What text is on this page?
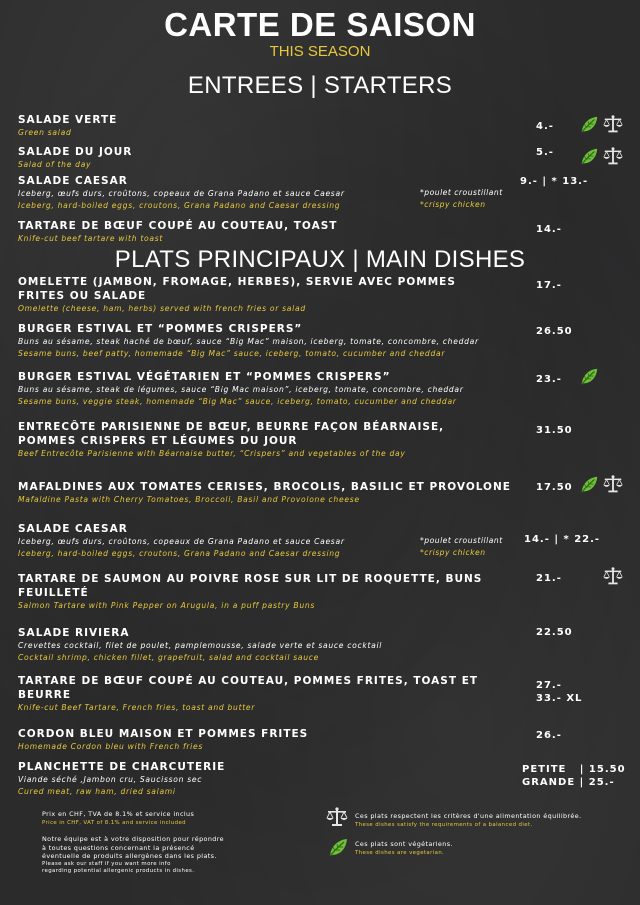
CARTE DE SAISON
THIS SEASON
ENTREES | STARTERS
SALADE VERTE
Green salad
4.-
SALADE DU JOUR
Salad of the day
5.-
SALADE CAESAR
Iceberg, œufs durs, croûtons, copeaux de Grana Padano et sauce Caesar
Iceberg, hard-boiled eggs, croutons, Grana Padano and Caesar dressing
*poulet croustillant
*crispy chicken
9.- | * 13.-
TARTARE DE BŒUF COUPÉ AU COUTEAU, TOAST
Knife-cut beef tartare with toast
14.-
PLATS PRINCIPAUX | MAIN DISHES
OMELETTE (JAMBON, FROMAGE, HERBES), SERVIE AVEC POMMES
FRITES OU SALADE
Omelette (cheese, ham, herbs) served with french fries or salad
17.-
BURGER ESTIVAL ET “POMMES CRISPERS”
Buns au sésame, steak haché de bœuf, sauce “Big Mac” maison, iceberg, tomate, concombre, cheddar
Sesame buns, beef patty, homemade “Big Mac” sauce, iceberg, tomato, cucumber and cheddar
26.50
BURGER ESTIVAL VÉGÉTARIEN ET “POMMES CRISPERS”
Buns au sésame, steak de légumes, sauce “Big Mac maison”, iceberg, tomate, concombre, cheddar
Sesame buns, veggie steak, homemade “Big Mac” sauce, iceberg, tomato, cucumber and cheddar
23.-
ENTRECÔTE PARISIENNE DE BŒUF, BEURRE FAÇON BÉARNAISE,
POMMES CRISPERS ET LÉGUMES DU JOUR
Beef Entrecôte Parisienne with Béarnaise butter, “Crispers” and vegetables of the day
31.50
MAFALDINES AUX TOMATES CERISES, BROCOLIS, BASILIC ET PROVOLONE
Mafaldine Pasta with Cherry Tomatoes, Broccoli, Basil and Provolone cheese
17.50
SALADE CAESAR
Iceberg, œufs durs, croûtons, copeaux de Grana Padano et sauce Caesar
Iceberg, hard-boiled eggs, croutons, Grana Padano and Caesar dressing
*poulet croustillant
*crispy chicken
14.- | * 22.-
TARTARE DE SAUMON AU POIVRE ROSE SUR LIT DE ROQUETTE, BUNS
FEUILLETÉ
Salmon Tartare with Pink Pepper on Arugula, in a puff pastry Buns
21.-
SALADE RIVIERA
Crevettes cocktail, filet de poulet, pamplemousse, salade verte et sauce cocktail
Cocktail shrimp, chicken fillet, grapefruit, salad and cocktail sauce
22.50
TARTARE DE BŒUF COUPÉ AU COUTEAU, POMMES FRITES, TOAST ET
BEURRE
Knife-cut Beef Tartare, French fries, toast and butter
27.-
33.- XL
CORDON BLEU MAISON ET POMMES FRITES
Homemade Cordon bleu with French fries
26.-
PLANCHETTE DE CHARCUTERIE
Viande séché ,Jambon cru, Saucisson sec
Cured meat, raw ham, dried salami
PETITE   | 15.50
GRANDE | 25.-
Prix en CHF, TVA de 8.1% et service inclus
Price in CHF, VAT of 8.1% and service included
Notre équipe est à votre disposition pour répondre
à toutes questions concernant la présencé
éventuelle de produits allergènes dans les plats.
Please ask our staff if you want more info
regarding potential allergenic products in dishes.
Ces plats respectent les critères d'une alimentation équilibrée.
These dishes satisfy the requirements of a balanced diet.
Ces plats sont végétariens.
These dishes are vegetarian.
